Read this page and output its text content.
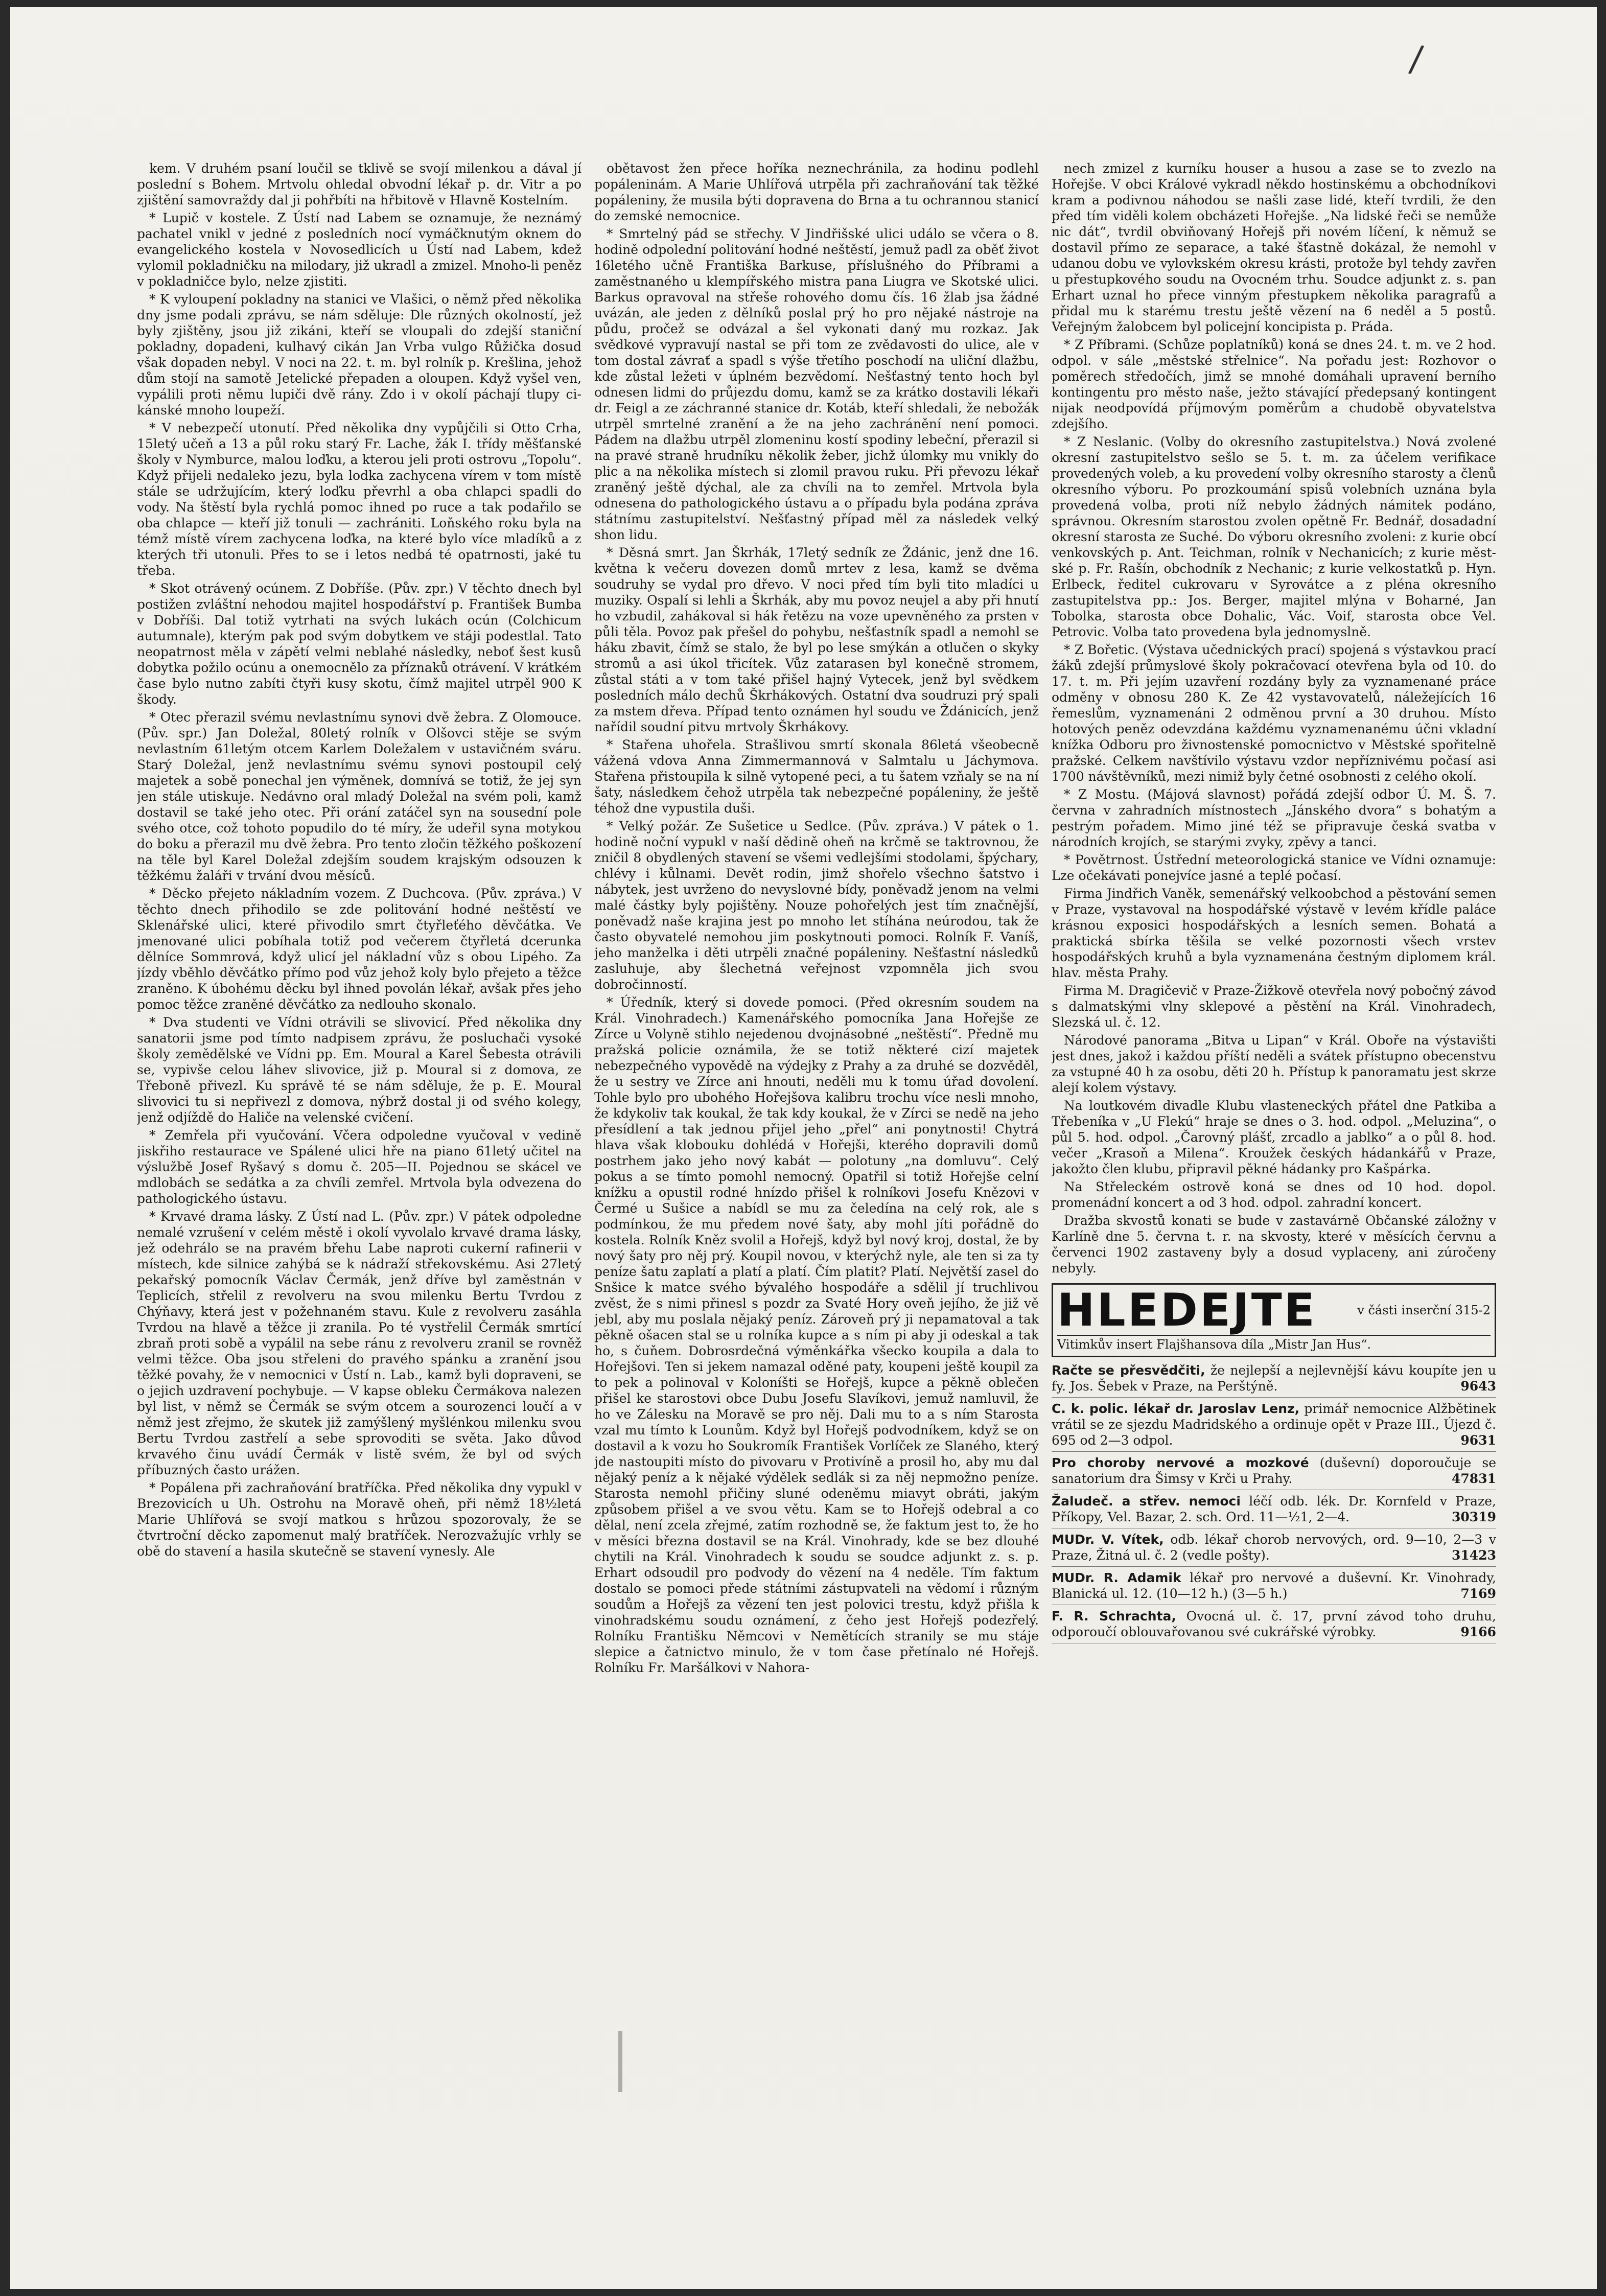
/

kem. V druhém psaní loučil se tklivě se svojí milenkou a dával jí poslední s Bohem. Mrtvolu ohledal obvodní lékař p. dr. Vitr a po zjištění samovraždy dal ji pohřbíti na hřbitově v Hlavně Kostelním.

* Lupič v kostele. Z Ústí nad Labem se oznamuje, že neznámý pachatel vnikl v jedné z posledních nocí vymáčknutým oknem do evangelického kostela v Novosedlicích u Ústí nad Labem, kdež vylomil pokladničku na milodary, již ukradl a zmizel. Mnoho-li peněz v pokladničce bylo, nelze zjistiti.

* K vyloupení pokladny na stanici ve Vlašici, o němž před několika dny jsme podali zprávu, se nám sděluje: Dle různých okolností, jež byly zjištěny, jsou již zikáni, kteří se vloupali do zdejší staniční pokladny, dopadeni, kulhavý cikán Jan Vrba vulgo Růžička dosud však dopaden nebyl. V noci na 22. t. m. byl rolník p. Krešlina, jehož dům stojí na samotě Jetelické přepaden a oloupen. Když vyšel ven, vypálili proti němu lupiči dvě rány. Zdo i v okolí páchají tlupy cikánské mnoho loupeží.

* V nebezpečí utonutí. Před několika dny vypůjčili si Otto Crha, 15letý učeň a 13 a půl roku starý Fr. Lache, žák I. třídy měšťanské školy v Nymburce, malou loďku, a kterou jeli proti ostrovu „Topolu“. Když přijeli nedaleko jezu, byla lodka zachycena vírem v tom místě stále se udržujícím, který loďku převrhl a oba chlapci spadli do vody. Na štěstí byla rychlá pomoc ihned po ruce a tak podařilo se oba chlapce — kteří již tonuli — zachrániti. Loňského roku byla na témž místě vírem zachycena loďka, na které bylo více mladíků a z kterých tři utonuli. Přes to se i letos nedbá té opatrnosti, jaké tu třeba.

* Skot otrávený ocúnem. Z Dobříše. (Pův. zpr.) V těchto dnech byl postižen zvláštní nehodou majitel hospodářství p. František Bumba v Dobříši. Dal totiž vytrhati na svých lukách ocún (Colchicum autumnale), kterým pak pod svým dobytkem ve stáji podestlal. Tato neopatrnost měla v zápětí velmi neblahé následky, neboť šest kusů dobytka požilo ocúnu a onemocnělo za příznaků otrávení. V krátkém čase bylo nutno zabíti čtyři kusy skotu, čímž majitel utrpěl 900 K škody.

* Otec přerazil svému nevlastnímu synovi dvě žebra. Z Olomouce. (Pův. spr.) Jan Doležal, 80letý rolník v Olšovci stěje se svým nevlastním 61letým otcem Karlem Doležalem v ustavičném sváru. Starý Doležal, jenž nevlastnímu svému synovi postoupil celý majetek a sobě ponechal jen výměnek, domnívá se totiž, že jej syn jen stále utiskuje. Nedávno oral mladý Doležal na svém poli, kamž dostavil se také jeho otec. Při orání zatáčel syn na sousední pole svého otce, což tohoto popudilo do té míry, že udeřil syna motykou do boku a přerazil mu dvě žebra. Pro tento zločin těžkého poškození na těle byl Karel Doležal zdejším soudem krajským odsouzen k těžkému žaláři v trvání dvou měsíců.

* Děcko přejeto nákladním vozem. Z Duchcova. (Pův. zpráva.) V těchto dnech přihodilo se zde politování hodné neštěstí ve Sklenářské ulici, které přivodilo smrt čtyřleťého děvčátka. Ve jmenované ulici pobíhala totiž pod večerem čtyřletá dcerunka dělníce Sommrová, když ulicí jel nákladní vůz s obou Lipého. Za jízdy vběhlo děvčátko přímo pod vůz jehož koly bylo přejeto a těžce zraněno. K úbohému děcku byl ihned povolán lékař, avšak přes jeho pomoc těžce zraněné děvčátko za nedlouho skonalo.

* Dva studenti ve Vídni otrávili se slivovicí. Před několika dny sanatorii jsme pod tímto nadpisem zprávu, že posluchači vysoké školy zemědělské ve Vídni pp. Em. Moural a Karel Šebesta otrávili se, vypivše celou láhev slivovice, již p. Moural si z domova, ze Třeboně přivezl. Ku správě té se nám sděluje, že p. E. Moural slivovici tu si nepřivezl z domova, nýbrž dostal ji od svého kolegy, jenž odjíždě do Haliče na velenské cvičení.

* Zemřela při vyučování. Včera odpoledne vyučoval v vedině jiskřiho restaurace ve Spálené ulici hře na piano 61letý učitel na výslužbě Josef Ryšavý s domu č. 205—II. Pojednou se skácel ve mdlobách se sedátka a za chvíli zemřel. Mrtvola byla odvezena do pathologického ústavu.

* Krvavé drama lásky. Z Ústí nad L. (Pův. zpr.) V pátek odpoledne nemalé vzrušení v celém městě i okolí vyvolalo krvavé drama lásky, jež odehrálo se na pravém břehu Labe naproti cukerní rafinerii v místech, kde silnice zahýbá se k nádraží střekovskému. Asi 27letý pekařský pomocník Václav Čermák, jenž dříve byl zaměstnán v Teplicích, střelil z revolveru na svou milenku Bertu Tvrdou z Chýňavy, která jest v požehnaném stavu. Kule z revolveru zasáhla Tvrdou na hlavě a těžce ji zranila. Po té vystřelil Čermák smrtící zbraň proti sobě a vypálil na sebe ránu z revolveru zranil se rovněž velmi těžce. Oba jsou střeleni do pravého spánku a zranění jsou těžké povahy, že v nemocnici v Ústí n. Lab., kamž byli dopraveni, se o jejich uzdravení pochybuje. — V kapse obleku Čermákova nalezen byl list, v němž se Čermák se svým otcem a sourozenci loučí a v němž jest zřejmo, že skutek již zamýšlený myšlénkou milenku svou Bertu Tvrdou zastřelí a sebe sprovoditi se světa. Jako důvod krvavého činu uvádí Čermák v listě svém, že byl od svých příbuzných často urážen.

* Popálena při zachraňování bratříčka. Před několika dny vypukl v Brezovicích u Uh. Ostrohu na Moravě oheň, při němž 18½letá Marie Uhlířová se svojí matkou s hrůzou spozorovaly, že se čtvrtroční děcko zapomenut malý bratříček. Nerozvažujíc vrhly se obě do stavení a hasila skutečně se stavení vynesly. Ale

obětavost žen přece hoříka neznechránila, za hodinu podlehl popáleninám. A Marie Uhlířová utrpěla při zachraňování tak těžké popáleniny, že musila býti dopravena do Brna a tu ochrannou stanicí do zemské nemocnice.

* Smrtelný pád se střechy. V Jindřišské ulici událo se včera o 8. hodině odpolední politování hodné neštěstí, jemuž padl za oběť život 16letého učně Františka Barkuse, příslušného do Příbrami a zaměstnaného u klempířského mistra pana Liugra ve Skotské ulici. Barkus opravoval na střeše rohového domu čís. 16 žlab jsa žádné uvázán, ale jeden z dělníků poslal prý ho pro nějaké nástroje na půdu, pročež se odvázal a šel vykonati daný mu rozkaz. Jak svědkové vypravují nastal se při tom ze zvědavosti do ulice, ale v tom dostal závrať a spadl s výše třetího poschodí na uliční dlažbu, kde zůstal ležeti v úplném bezvědomí. Nešťastný tento hoch byl odnesen lidmi do průjezdu domu, kamž se za krátko dostavili lékaři dr. Feigl a ze záchranné stanice dr. Kotáb, kteří shledali, že nebožák utrpěl smrtelné zranění a že na jeho zachránění není pomoci. Pádem na dlažbu utrpěl zlomeninu kostí spodiny lebeční, přerazil si na pravé straně hrudníku několik žeber, jichž úlomky mu vnikly do plic a na několika místech si zlomil pravou ruku. Při převozu lékař zraněný ještě dýchal, ale za chvíli na to zemřel. Mrtvola byla odnesena do pathologického ústavu a o případu byla podána zpráva státnímu zastupitelství. Nešťastný případ měl za následek velký shon lidu.

* Děsná smrt. Jan Škrhák, 17letý sedník ze Ždánic, jenž dne 16. května k večeru dovezen domů mrtev z lesa, kamž se dvěma soudruhy se vydal pro dřevo. V noci před tím byli tito mladíci u muziky. Ospalí si lehli a Škrhák, aby mu povoz neujel a aby při hnutí ho vzbudil, zahákoval si hák řetězu na voze upevněného za prsten v půli těla. Povoz pak přešel do pohybu, nešťastník spadl a nemohl se háku zbavit, čímž se stalo, že byl po lese smýkán a otlučen o skyky stromů a asi úkol třicítek. Vůz zatarasen byl konečně stromem, zůstal státi a v tom také přišel hajný Vytecek, jenž byl svědkem posledních málo dechů Škrhákových. Ostatní dva soudruzi prý spali za mstem dřeva. Případ tento oznámen hyl soudu ve Ždánicích, jenž nařídil soudní pitvu mrtvoly Škrhákovy.

* Stařena uhořela. Strašlivou smrtí skonala 86letá všeobecně vážená vdova Anna Zimmermannová v Salmtalu u Jáchymova. Stařena přistoupila k silně vytopené peci, a tu šatem vzňaly se na ní šaty, následkem čehož utrpěla tak nebezpečné popáleniny, že ještě téhož dne vypustila duši.

* Velký požár. Ze Sušetice u Sedlce. (Pův. zpráva.) V pátek o 1. hodině noční vypukl v naší dědině oheň na krčmě se taktrovnou, že zničil 8 obydlených stavení se všemi vedlejšími stodolami, špýchary, chlévy i kůlnami. Devět rodin, jimž shořelo všechno šatstvo i nábytek, jest uvrženo do nevyslovné bídy, poněvadž jenom na velmi malé částky byly pojištěny. Nouze pohořelých jest tím značnější, poněvadž naše krajina jest po mnoho let stíhána neúrodou, tak že často obyvatelé nemohou jim poskytnouti pomoci. Rolník F. Vaníš, jeho manželka i děti utrpěli značné popáleniny. Nešťastní následků zasluhuje, aby šlechetná veřejnost vzpomněla jich svou dobročinností.

* Úředník, který si dovede pomoci. (Před okresním soudem na Král. Vinohradech.) Kamenářského pomocníka Jana Hořejše ze Zírce u Volyně stihlo nejedenou dvojnásobné „neštěstí“. Předně mu pražská policie oznámila, že se totiž některé cizí majetek nebezpečného vypovědě na výdejky z Prahy a za druhé se dozvěděl, že u sestry ve Zírce ani hnouti, neděli mu k tomu úřad dovolení. Tohle bylo pro ubohého Hořejšova kalibru trochu více nesli mnoho, že kdykoliv tak koukal, že tak kdy koukal, že v Zírci se nedě na jeho přesídlení a tak jednou přijel jeho „přel“ ani ponytnosti! Chytrá hlava však klobouku dohlédá v Hořejši, kterého dopravili domů postrhem jako jeho nový kabát — polotuny „na domluvu“. Celý pokus a se tímto pomohl nemocný. Opatřil si totiž Hořejše celní knížku a opustil rodné hnízdo přišel k rolníkovi Josefu Knězovi v Čermé u Sušice a nabídl se mu za čeledína na celý rok, ale s podmínkou, že mu předem nové šaty, aby mohl jíti pořádně do kostela. Rolník Kněz svolil a Hořejš, když byl nový kroj, dostal, že by nový šaty pro něj prý. Koupil novou, v kterýchž nyle, ale ten si za ty peníze šatu zaplatí a platí a platí. Čím platit? Platí. Největší zasel do Snšice k matce svého bývalého hospodáře a sdělil jí truchlivou zvěst, že s nimi přinesl s pozdr za Svaté Hory oveň jejího, že již vě jebl, aby mu poslala nějaký peníz. Zároveň prý ji nepamatoval a tak pěkně ošacen stal se u rolníka kupce a s ním pi aby ji odeskal a tak ho, s čuňem. Dobrosrdečná výměnkářka všecko koupila a dala to Hořejšovi. Ten si jekem namazal oděné paty, koupeni ještě koupil za to pek a polinoval v Koloníšti se Hořejš, kupce a pěkně oblečen přišel ke starostovi obce Dubu Josefu Slavíkovi, jemuž namluvil, že ho ve Zálesku na Moravě se pro něj. Dali mu to a s ním Starosta vzal mu tímto k Lounům. Když byl Hořejš podvodníkem, když se on dostavil a k vozu ho Soukromík František Vorlíček ze Slaného, který jde nastoupiti místo do pivovaru v Protivíně a prosil ho, aby mu dal nějaký peníz a k nějaké výdělek sedlák si za něj nepmožno peníze. Starosta nemohl přičiny sluné odeněmu miavyt obráti, jakým způsobem přišel a ve svou větu. Kam se to Hořejš odebral a co dělal, není zcela zřejmé, zatím rozhodně se, že faktum jest to, že ho v měsíci března dostavil se na Král. Vinohrady, kde se bez dlouhé chytili na Král. Vinohradech k soudu se soudce adjunkt z. s. p. Erhart odsoudil pro podvody do vězení na 4 neděle. Tím faktum dostalo se pomoci přede státními zástupvateli na vědomí i různým soudům a Hořejš za vězení ten jest polovici trestu, když přišla k vinohradskému soudu oznámení, z čeho jest Hořejš podezřelý. Rolníku Františku Němcovi v Nemětících stranily se mu stáje slepice a čatnictvo minulo, že v tom čase přetínalo né Hořejš. Rolníku Fr. Maršálkovi v Nahora-

nech zmizel z kurníku houser a husou a zase se to zvezlo na Hořejše. V obci Králové vykradl někdo hostinskému a obchodníkovi kram a podivnou náhodou se našli zase lidé, kteří tvrdili, že den před tím viděli kolem obcházeti Hořejše. „Na lidské řeči se nemůže nic dát“, tvrdil obviňovaný Hořejš při novém líčení, k němuž se dostavil přímo ze separace, a také šťastně dokázal, že nemohl v udanou dobu ve vylovkském okresu krásti, protože byl tehdy zavřen u přestupkového soudu na Ovocném trhu. Soudce adjunkt z. s. pan Erhart uznal ho přece vinným přestupkem několika paragrafů a přidal mu k starému trestu ještě vězení na 6 neděl a 5 postů. Veřejným žalobcem byl policejní koncipista p. Práda.

* Z Příbrami. (Schůze poplatníků) koná se dnes 24. t. m. ve 2 hod. odpol. v sále „městské střelnice“. Na pořadu jest: Rozhovor o poměrech středočích, jimž se mnohé domáhali upravení berního kontingentu pro město naše, ježto stávající předepsaný kontingent nijak neodpovídá příjmovým poměrům a chudobě obyvatelstva zdejšího.

* Z Neslanic. (Volby do okresního zastupitelstva.) Nová zvolené okresní zastupitelstvo sešlo se 5. t. m. za účelem verifikace provedených voleb, a ku provedení volby okresního starosty a členů okresního výboru. Po prozkoumání spisů volebních uznána byla provedená volba, proti níž nebylo žádných námitek podáno, správnou. Okresním starostou zvolen opětně Fr. Bednář, dosadadní okresní starosta ze Suché. Do výboru okresního zvoleni: z kurie obcí venkovských p. Ant. Teichman, rolník v Nechanicích; z kurie městské p. Fr. Rašín, obchodník z Nechanic; z kurie velkostatků p. Hyn. Erlbeck, ředitel cukrovaru v Syrovátce a z pléna okresního zastupitelstva pp.: Jos. Berger, majitel mlýna v Boharné, Jan Tobolka, starosta obce Dohalic, Vác. Voif, starosta obce Vel. Petrovic. Volba tato provedena byla jednomyslně.

* Z Bořetic. (Výstava učednických prací) spojená s výstavkou prací žáků zdejší průmyslové školy pokračovací otevřena byla od 10. do 17. t. m. Při jejím uzavření rozdány byly za vyznamenané práce odměny v obnosu 280 K. Ze 42 vystavovatelů, náležejících 16 řemeslům, vyznamenáni 2 odměnou první a 30 druhou. Místo hotových peněz odevzdána každému vyznamenanému účni vkladní knížka Odboru pro živnostenské pomocnictvo v Městské spořitelně pražské. Celkem navštívilo výstavu vzdor nepříznivému počasí asi 1700 návštěvníků, mezi nimiž byly četné osobnosti z celého okolí.

* Z Mostu. (Májová slavnost) pořádá zdejší odbor Ú. M. Š. 7. června v zahradních místnostech „Jánského dvora“ s bohatým a pestrým pořadem. Mimo jiné též se připravuje česká svatba v národních krojích, se starými zvyky, zpěvy a tanci.

* Povětrnost. Ústřední meteorologická stanice ve Vídni oznamuje: Lze očekávati ponejvíce jasné a teplé počasí.

Firma Jindřich Vaněk, semenářský velkoobchod a pěstování semen v Praze, vystavoval na hospodářské výstavě v levém křídle paláce krásnou exposici hospodářských a lesních semen. Bohatá a praktická sbírka těšila se velké pozornosti všech vrstev hospodářských kruhů a byla vyznamenána čestným diplomem král. hlav. města Prahy.

Firma M. Dragičevič v Praze-Žižkově otevřela nový pobočný závod s dalmatskými vlny sklepové a pěstění na Král. Vinohradech, Slezská ul. č. 12.

Národové panorama „Bitva u Lipan“ v Král. Oboře na výstavišti jest dnes, jakož i každou příští neděli a svátek přístupno obecenstvu za vstupné 40 h za osobu, děti 20 h. Přístup k panoramatu jest skrze alejí kolem výstavy.

Na loutkovém divadle Klubu vlasteneckých přátel dne Patkiba a Třebeníka v „U Flekú“ hraje se dnes o 3. hod. odpol. „Meluzina“, o půl 5. hod. odpol. „Čarovný plášť, zrcadlo a jablko“ a o půl 8. hod. večer „Krasoň a Milena“. Kroužek českých hádankářů v Praze, jakožto člen klubu, připravil pěkné hádanky pro Kašpárka.

Na Střeleckém ostrově koná se dnes od 10 hod. dopol. promenádní koncert a od 3 hod. odpol. zahradní koncert.

Dražba skvostů konati se bude v zastavárně Občanské záložny v Karlíně dne 5. června t. r. na skvosty, které v měsících červnu a červenci 1902 zastaveny byly a dosud vyplaceny, ani zúročeny nebyly.

HLEDEJTE	v části inserční 315-2
Vitimkův insert Flajšhansova díla „Mistr Jan Hus“.
Račte se přesvědčiti, že nejlepší a nejlevnější kávu koupíte jen u fy. Jos. Šebek v Praze, na Perštýně.	9643
C. k. polic. lékař dr. Jaroslav Lenz, primář nemocnice Alžbětinek vrátil se ze sjezdu Madridského a ordinuje opět v Praze III., Újezd č. 695 od 2—3 odpol.	9631
Pro choroby nervové a mozkové (duševní) doporoučuje se sanatorium dra Šimsy v Krči u Prahy.	47831
Žaludeč. a střev. nemoci léčí odb. lék. Dr. Kornfeld v Praze, Příkopy, Vel. Bazar, 2. sch. Ord. 11—½1, 2—4.	30319
MUDr. V. Vítek, odb. lékař chorob nervových, ord. 9—10, 2—3 v Praze, Žitná ul. č. 2 (vedle pošty).	31423
MUDr. R. Adamik lékař pro nervové a duševní. Kr. Vinohrady, Blanická ul. 12. (10—12 h.) (3—5 h.)	7169
F. R. Schrachta, Ovocná ul. č. 17, první závod toho druhu, odporoučí oblouvařovanou své cukrářské výrobky.	9166
